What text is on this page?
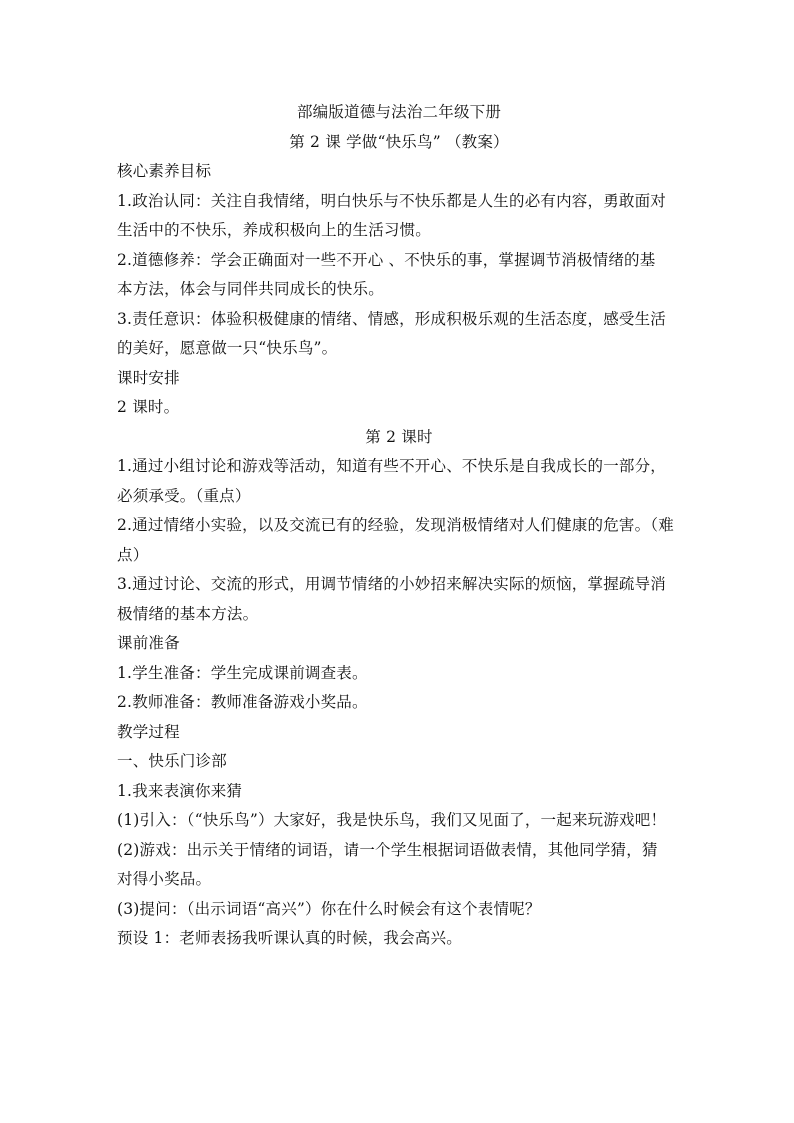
部编版道德与法治二年级下册

第 2 课 学做“快乐鸟” （教案）

核心素养目标

1.政治认同：关注自我情绪，明白快乐与不快乐都是人生的必有内容，勇敢面对

生活中的不快乐，养成积极向上的生活习惯。

2.道德修养：学会正确面对一些不开心 、不快乐的事，掌握调节消极情绪的基

本方法，体会与同伴共同成长的快乐。

3.责任意识：体验积极健康的情绪、情感，形成积极乐观的生活态度，感受生活

的美好，愿意做一只“快乐鸟”。

课时安排

2 课时。

第 2 课时

1.通过小组讨论和游戏等活动，知道有些不开心、不快乐是自我成长的一部分，

必须承受。（重点）

2.通过情绪小实验，以及交流已有的经验，发现消极情绪对人们健康的危害。（难

点）

3.通过讨论、交流的形式，用调节情绪的小妙招来解决实际的烦恼，掌握疏导消

极情绪的基本方法。

课前准备

1.学生准备：学生完成课前调查表。

2.教师准备：教师准备游戏小奖品。

教学过程

一、快乐门诊部

1.我来表演你来猜

(1)引入：（“快乐鸟”）大家好，我是快乐鸟，我们又见面了，一起来玩游戏吧！

(2)游戏：出示关于情绪的词语，请一个学生根据词语做表情，其他同学猜，猜

对得小奖品。

(3)提问：（出示词语“高兴”）你在什么时候会有这个表情呢？

预设 1：老师表扬我听课认真的时候，我会高兴。
